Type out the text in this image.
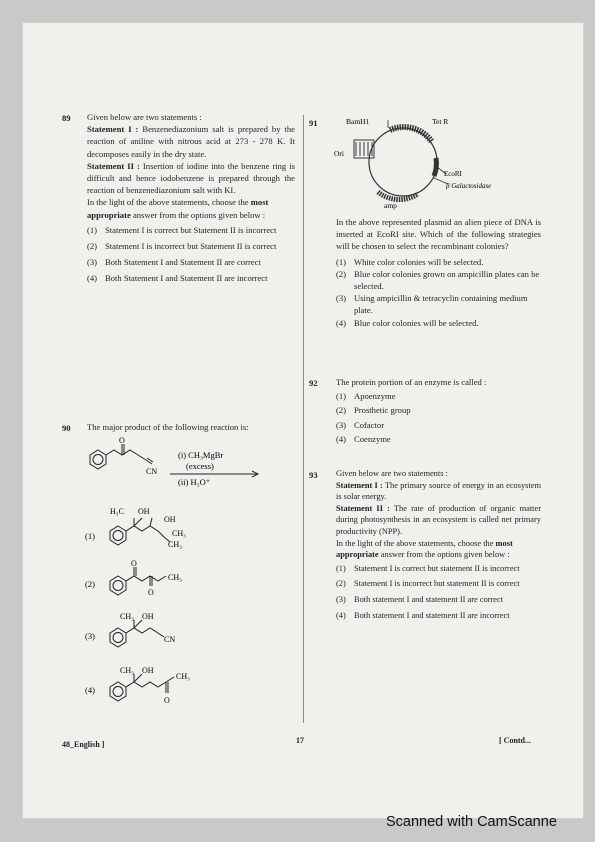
89 Given below are two statements :

Statement I : Benzenediazonium salt is prepared by the reaction of aniline with nitrous acid at 273 - 278 K. It decomposes easily in the dry state.

Statement II : Insertion of iodine into the benzene ring is difficult and hence iodobenzene is prepared through the reaction of benzenediazonium salt with KI.

In the light of the above statements, choose the most appropriate answer from the options given below :

(1) Statement I is correct but Statement II is incorrect
(2) Statement I is incorrect but Statement II is correct
(3) Both Statement I and Statement II are correct
(4) Both Statement I and Statement II are incorrect
90 The major product of the following reaction is:
O
CN
(i) CH₃MgBr
(excess)
(ii) H₃O⁺
(1)
H₃C OH
OH
CH₃
CH₃
(2)
O
O
CH₃
(3)
CH₃ OH
CN
(4)
CH₃ OH
CH₃
O
91	BamH1	Tet R
Ori
EcoRI
β Galactosidase
amp

In the above represented plasmid an alien piece of DNA is inserted at EcoRI site. Which of the following strategies will be chosen to select the recombinant colonies?

(1) White color colonies will be selected.
(2) Blue color colonies grown on ampicillin plates can be selected.
(3) Using ampicillin & tetracyclin containing medium plate.
(4) Blue color colonies will be selected.
92 The protein portion of an enzyme is called :

(1) Apoenzyme
(2) Prosthetic group
(3) Cofactor
(4) Coenzyme
93 Given below are two statements :

Statement I : The primary source of energy in an ecosystem is solar energy.

Statement II : The rate of production of organic matter during photosynthesis in an ecosystem is called net primary productivity (NPP).

In the light of the above statements, choose the most appropriate answer from the options given below :

(1) Statement I is correct but statement II is incorrect
(2) Statement I is incorrect but statement II is correct
(3) Both statement I and statement II are correct
(4) Both statement I and statement II are incorrect
48_English ]	17	[ Contd...
Scanned with CamScanne
